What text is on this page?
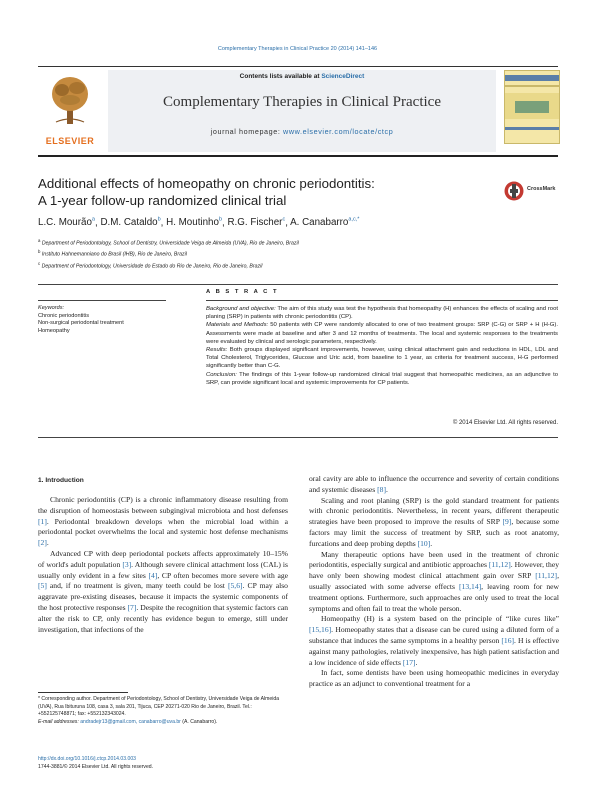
Complementary Therapies in Clinical Practice 20 (2014) 141–146
ELSEVIER
Contents lists available at ScienceDirect
Complementary Therapies in Clinical Practice
journal homepage: www.elsevier.com/locate/ctcp
Additional effects of homeopathy on chronic periodontitis:
A 1-year follow-up randomized clinical trial
CrossMark
L.C. Mourão$^a$, D.M. Cataldo$^b$, H. Moutinho$^b$, R.G. Fischer$^c$, A. Canabarro$^{a,c,*}$
$^a$ Department of Periodontology, School of Dentistry, Universidade Veiga de Almeida (UVA), Rio de Janeiro, Brazil
$^b$ Instituto Hahnemanniano do Brasil (IHB), Rio de Janeiro, Brazil
$^c$ Department of Periodontology, Universidade do Estado do Rio de Janeiro, Rio de Janeiro, Brazil
A B S T R A C T
Keywords:
Chronic periodontitis
Non-surgical periodontal treatment
Homeopathy

Background and objective: The aim of this study was test the hypothesis that homeopathy (H) enhances the effects of scaling and root planing (SRP) in patients with chronic periodontitis (CP).

Materials and Methods: 50 patients with CP were randomly allocated to one of two treatment groups: SRP (C-G) or SRP + H (H-G). Assessments were made at baseline and after 3 and 12 months of treatments. The local and systemic responses to the treatments were evaluated by clinical and serologic parameters, respectively.

Results: Both groups displayed significant improvements, however, using clinical attachment gain and reductions in HDL, LDL and Total Cholesterol, Triglycerides, Glucose and Uric acid, from baseline to 1 year, as criteria for treatment success, H-G performed significantly better than C-G.

Conclusion: The findings of this 1-year follow-up randomized clinical trial suggest that homeopathic medicines, as an adjunctive to SRP, can provide significant local and systemic improvements for CP patients.

© 2014 Elsevier Ltd. All rights reserved.
1. Introduction

Chronic periodontitis (CP) is a chronic inflammatory disease resulting from the disruption of homeostasis between subgingival microbiota and host defenses [1]. Periodontal breakdown develops when the microbial load within a periodontal pocket overwhelms the local and systemic host defense mechanisms [2].

Advanced CP with deep periodontal pockets affects approximately 10–15% of world's adult population [3]. Although severe clinical attachment loss (CAL) is usually only evident in a few sites [4], CP often becomes more severe with age [5] and, if no treatment is given, many teeth could be lost [5,6]. CP may also aggravate pre-existing diseases, because it impacts the systemic components of the host protective responses [7]. Despite the recognition that systemic factors can alter the risk to CP, only recently has evidence begun to emerge, still under investigation, that infections of the

oral cavity are able to influence the occurrence and severity of certain conditions and systemic diseases [8].

Scaling and root planing (SRP) is the gold standard treatment for patients with chronic periodontitis. Nevertheless, in recent years, different therapeutic strategies have been proposed to improve the results of SRP [9], because some factors may limit the success of treatment by SRP, such as root anatomy, furcations and deep probing depths [10].

Many therapeutic options have been used in the treatment of chronic periodontitis, especially surgical and antibiotic approaches [11,12]. However, they have only been showing modest clinical attachment gain over SRP [11,12], usually associated with some adverse effects [13,14], leaving room for new treatment options. Furthermore, such approaches are only used to treat the local symptoms and often fail to treat the whole person.

Homeopathy (H) is a system based on the principle of “like cures like” [15,16]. Homeopathy states that a disease can be cured using a diluted form of a substance that induces the same symptoms in a healthy person [16]. H is effective against many pathologies, relatively inexpensive, has high patient satisfaction and a low incidence of side effects [17].

In fact, some dentists have been using homeopathic medicines in everyday practice as an adjunct to conventional treatment for a

* Corresponding author. Department of Periodontology, School of Dentistry, Universidade Veiga de Almeida (UVA), Rua Ibituruna 108, casa 3, sala 201, Tijuca, CEP 20271-020 Rio de Janeiro, Brazil. Tel.: +552125748871; fax: +552132343024.
E-mail addresses: andradejr13@gmail.com, canabarro@uva.br (A. Canabarro).
http://dx.doi.org/10.1016/j.ctcp.2014.03.003
1744-3881/© 2014 Elsevier Ltd. All rights reserved.
